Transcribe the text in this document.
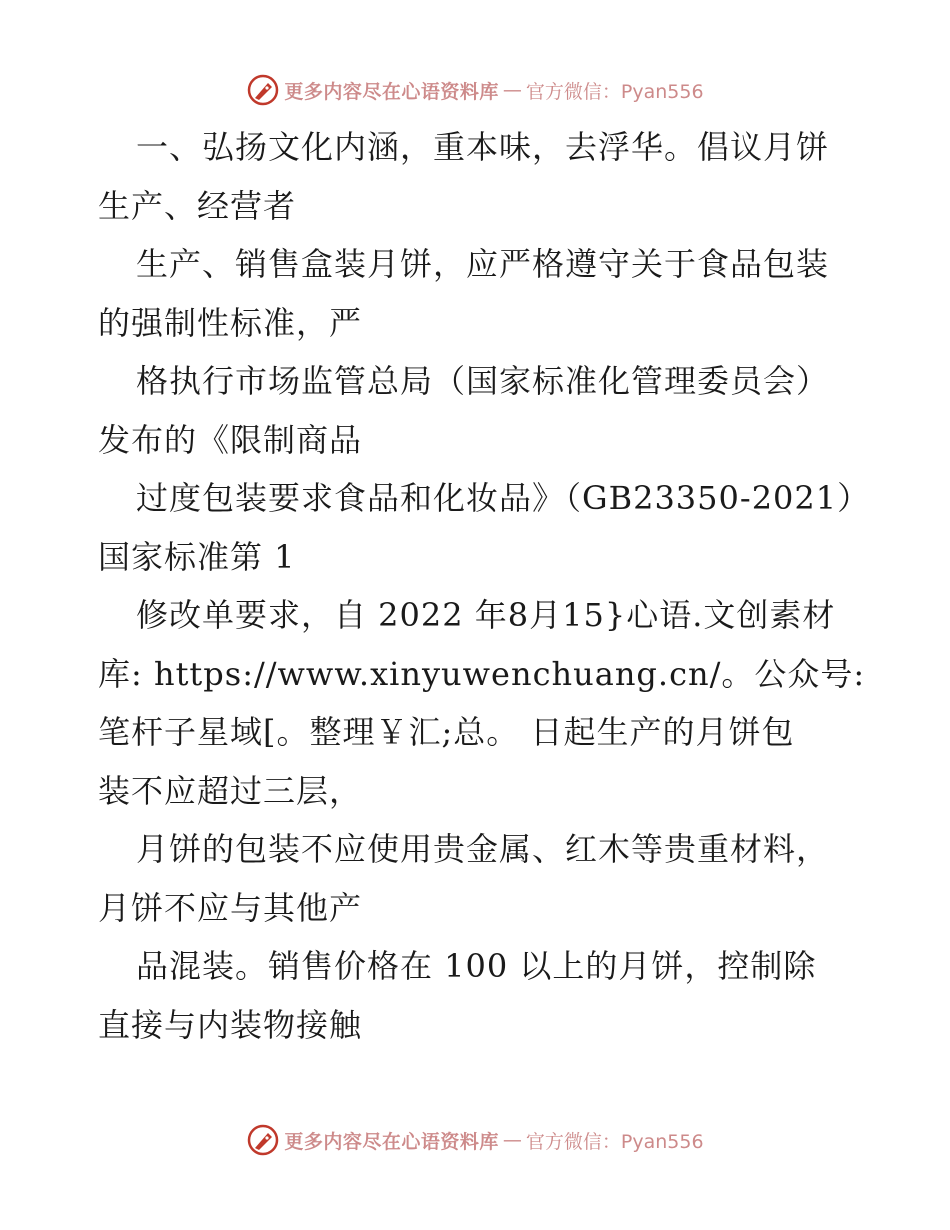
更多内容尽在心语资料库 — 官方微信：Pyan556
一、弘扬文化内涵，重本味，去浮华。倡议月饼
生产、经营者
生产、销售盒装月饼，应严格遵守关于食品包装
的强制性标准，严
格执行市场监管总局（国家标准化管理委员会）
发布的《限制商品
过度包装要求食品和化妆品》（GB23350-2021）
国家标准第 1
修改单要求，自 2022 年8月15}心语.文创素材
库: https://www.xinyuwenchuang.cn/。公众号:
笔杆子星域[。整理￥汇;总。 日起生产的月饼包
装不应超过三层，
月饼的包装不应使用贵金属、红木等贵重材料，
月饼不应与其他产
品混装。销售价格在 100 以上的月饼，控制除
直接与内装物接触
更多内容尽在心语资料库 — 官方微信：Pyan556
